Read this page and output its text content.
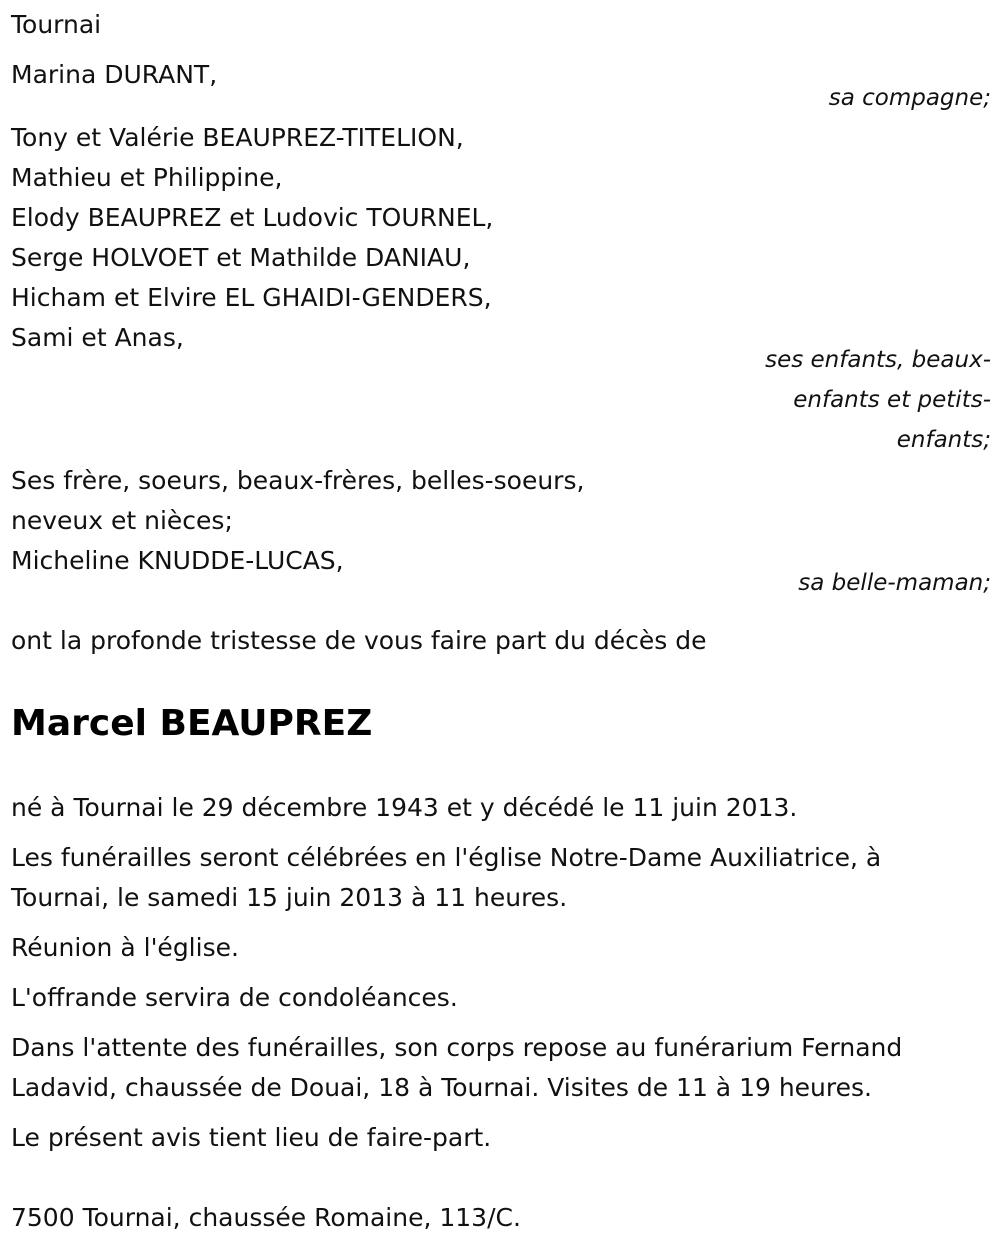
Tournai

Marina DURANT,

sa compagne;

Tony et Valérie BEAUPREZ-TITELION,

Mathieu et Philippine,

Elody BEAUPREZ et Ludovic TOURNEL,

Serge HOLVOET et Mathilde DANIAU,

Hicham et Elvire EL GHAIDI-GENDERS,

Sami et Anas,

ses enfants, beaux-

enfants et petits-

enfants;

Ses frère, soeurs, beaux-frères, belles-soeurs,

neveux et nièces;

Micheline KNUDDE-LUCAS,

sa belle-maman;

ont la profonde tristesse de vous faire part du décès de

Marcel BEAUPREZ

né à Tournai le 29 décembre 1943 et y décédé le 11 juin 2013.

Les funérailles seront célébrées en l'église Notre-Dame Auxiliatrice, à

Tournai, le samedi 15 juin 2013 à 11 heures.

Réunion à l'église.

L'offrande servira de condoléances.

Dans l'attente des funérailles, son corps repose au funérarium Fernand

Ladavid, chaussée de Douai, 18 à Tournai. Visites de 11 à 19 heures.

Le présent avis tient lieu de faire-part.

7500 Tournai, chaussée Romaine, 113/C.
